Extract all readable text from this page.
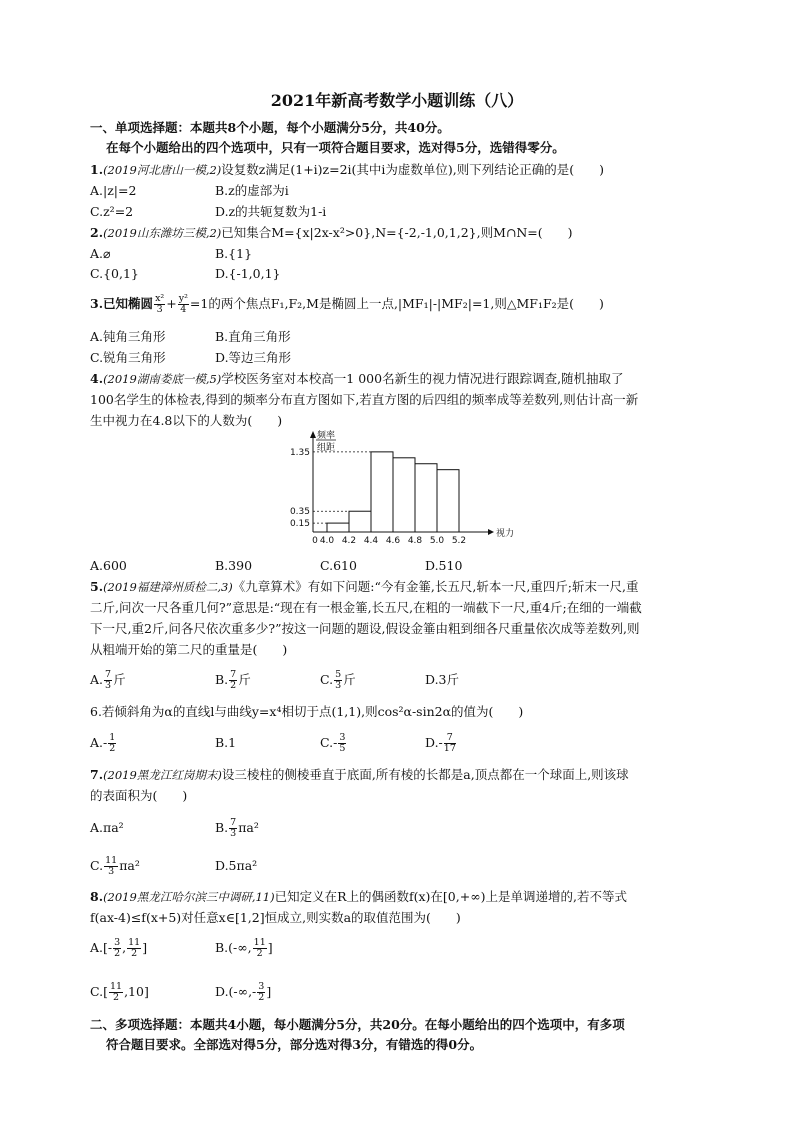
2021年新高考数学小题训练（八）
一、单项选择题：本题共8个小题，每个小题满分5分，共40分。
在每个小题给出的四个选项中，只有一项符合题目要求，选对得5分，选错得零分。
1.(2019河北唐山一模,2)设复数z满足(1+i)z=2i(其中i为虚数单位),则下列结论正确的是(　　)
A.|z|=2	B.z的虚部为i
C.z²=2	D.z的共轭复数为1-i
2.(2019山东潍坊三模,2)已知集合M={x|2x-x²>0},N={-2,-1,0,1,2},则M∩N=(　　)
A.⌀	B.{1}
C.{0,1}	D.{-1,0,1}
3.已知椭圆 $\frac{\text{x²}}{3} + \frac{\text{y²}}{4} =1$的两个焦点F₁,F₂,M是椭圆上一点,|MF₁|-|MF₂|=1,则△MF₁F₂是(　　)
A.钝角三角形	B.直角三角形
C.锐角三角形	D.等边三角形
4.(2019湖南娄底一模,5)学校医务室对本校高一1 000名新生的视力情况进行跟踪调查,随机抽取了
100名学生的体检表,得到的频率分布直方图如下,若直方图的后四组的频率成等差数列,则估计高一新
生中视力在4.8以下的人数为(　　)
0.15
0.35
1.35
0 4.0 4.2 4.4 4.6 4.8 5.0 5.2
频率
组距
视力
A.600	B.390	C.610	D.510
5.(2019福建漳州质检二,3)《九章算术》有如下问题:“今有金箠,长五尺,斩本一尺,重四斤;斩末一尺,重
二斤,问次一尺各重几何?”意思是:“现在有一根金箠,长五尺,在粗的一端截下一尺,重4斤;在细的一端截
下一尺,重2斤,问各尺依次重多少?”按这一问题的题设,假设金箠由粗到细各尺重量依次成等差数列,则
从粗端开始的第二尺的重量是(　　)
A. $\frac{7}{3}$ 斤	B. $\frac{7}{2}$ 斤	C. $\frac{5}{3}$ 斤	D.3斤
6.若倾斜角为α的直线l与曲线y=x⁴相切于点(1,1),则cos²α-sin2α的值为(　　)
$A.- \frac{1}{2}$	B.1	$C.- \frac{3}{5}$	$D.- \frac{7}{17}$
7.(2019黑龙江红岗期末)设三棱柱的侧棱垂直于底面,所有棱的长都是a,顶点都在一个球面上,则该球
的表面积为(　　)
A.πa²	B. $\frac{7}{3} \pi a^2$
C. $\frac{11}{3} \pi a^2$	D.5πa²
8.(2019黑龙江哈尔滨三中调研,11)已知定义在R上的偶函数f(x)在[0,+∞)上是单调递增的,若不等式
f(ax-4)≤f(x+5)对任意x∈[1,2]恒成立,则实数a的取值范围为(　　)
$A.[- \frac{3}{2}$ , $\frac{11}{2}$ ]	B.(-∞, $\frac{11}{2}$ ]
$C.[ \frac{11}{2} ,10]$	$D.(-\infty,- \frac{3}{2}$ ]
二、多项选择题：本题共4小题，每小题满分5分，共20分。在每小题给出的四个选项中，有多项
符合题目要求。全部选对得5分，部分选对得3分，有错选的得0分。
